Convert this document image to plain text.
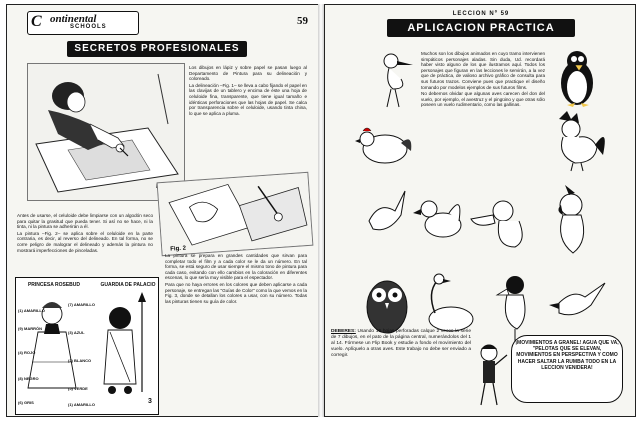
C ontinental
SCHOOLS	59
SECRETOS PROFESIONALES

Los dibujos en lápiz y sobre papel se pasan luego al Departamento de Pintura para su delineación y coloreado.

La delineación –Fig. 1– se lleva a cabo fijando el papel en las clavijas de un tablero y encima de éste una hoja de celuloide fina, transparente, que tiene igual tamaño e idénticas perforaciones que las hojas de papel. Se calca por transparencia sobre el celuloide, usando tinta china, lo que se aplica a pluma.

Fig. 2

Antes de usarse, el celuloide debe limpiarse con un algodón seco para quitar la grasitud que pueda tener. Si así no se hace, ni la tinta, ni la pintura se adherirán a él.

La pintura –Fig. 2– se aplica sobre el celuloide en la parte contraria, es decir, al reverso del delineado. En tal forma, no se corre peligro de malograr el delineado y además la pintura no mostrará imperfecciones de pinceladas.

PRINCESA ROSEBUD	GUARDIA DE PALACIO
(1) AMARILLO
(7) AMARILLO
(9) MARRÓN
(3) AZUL
(4) ROJO
(2) BLANCO
(8) NEGRO
(5) VERDE
(6) GRIS	(1) AMARILLO	3

La pintura se prepara en grandes cantidades que sirvan para completar todo el film y a cada color se le da un número. En tal forma, se está seguro de usar siempre el mismo tono de pintura para cada caso, evitando con ello cambios en la coloración en diferentes escenas, lo que sería muy visible para el espectador.

Para que no haya errores en los colores que deben aplicarse a cada personaje, se entregan las "Guías de Color" como la que vemos en la Fig. 3, donde se detallan los colores a usar, con su número. Todas las pinturas tienen su guía de color.

LECCION Nº 59
APLICACION PRACTICA

Muchos son los dibujos animados en cuyo tramo intervienen simpáticos personajes aladas. Sin duda, Ud. recordará haber visto alguno de los que ilustramos aquí. Todos los personajes que figuran en las lecciones le servirán, a la vez que de práctica, de valioso archivo gráfico de consulta para sus futuros trazos. Conviene pues que practique el diseño tomando por modelos ejemplos de sus futuros films.

No debemos olvidar que algunas aves carecen del don del vuelo, por ejemplo, el avestruz y el pingüino y que otras sólo poseen un vuelo rudimentario, como las gallinas.

DEBERES: Usando 16 hojas perforadas calque 2 veces la serie de 7 dibujos, en el pato de la página central, numerándolos del 1 al 14. Fórmese un Flip Book y estudie a fondo el movimiento del vuelo. Aplíquelo a otras aves. Este trabajo no debe ser enviado a corregir.
¡MOVIMIENTOS A GRANEL! AGUA QUE VA, "PELOTAS QUE SE ELEVAN, MOVIMIENTOS EN PERSPECTIVA Y COMO HACER SALTAR LA RUMBA TODO EN LA LECCION VENIDERA!
